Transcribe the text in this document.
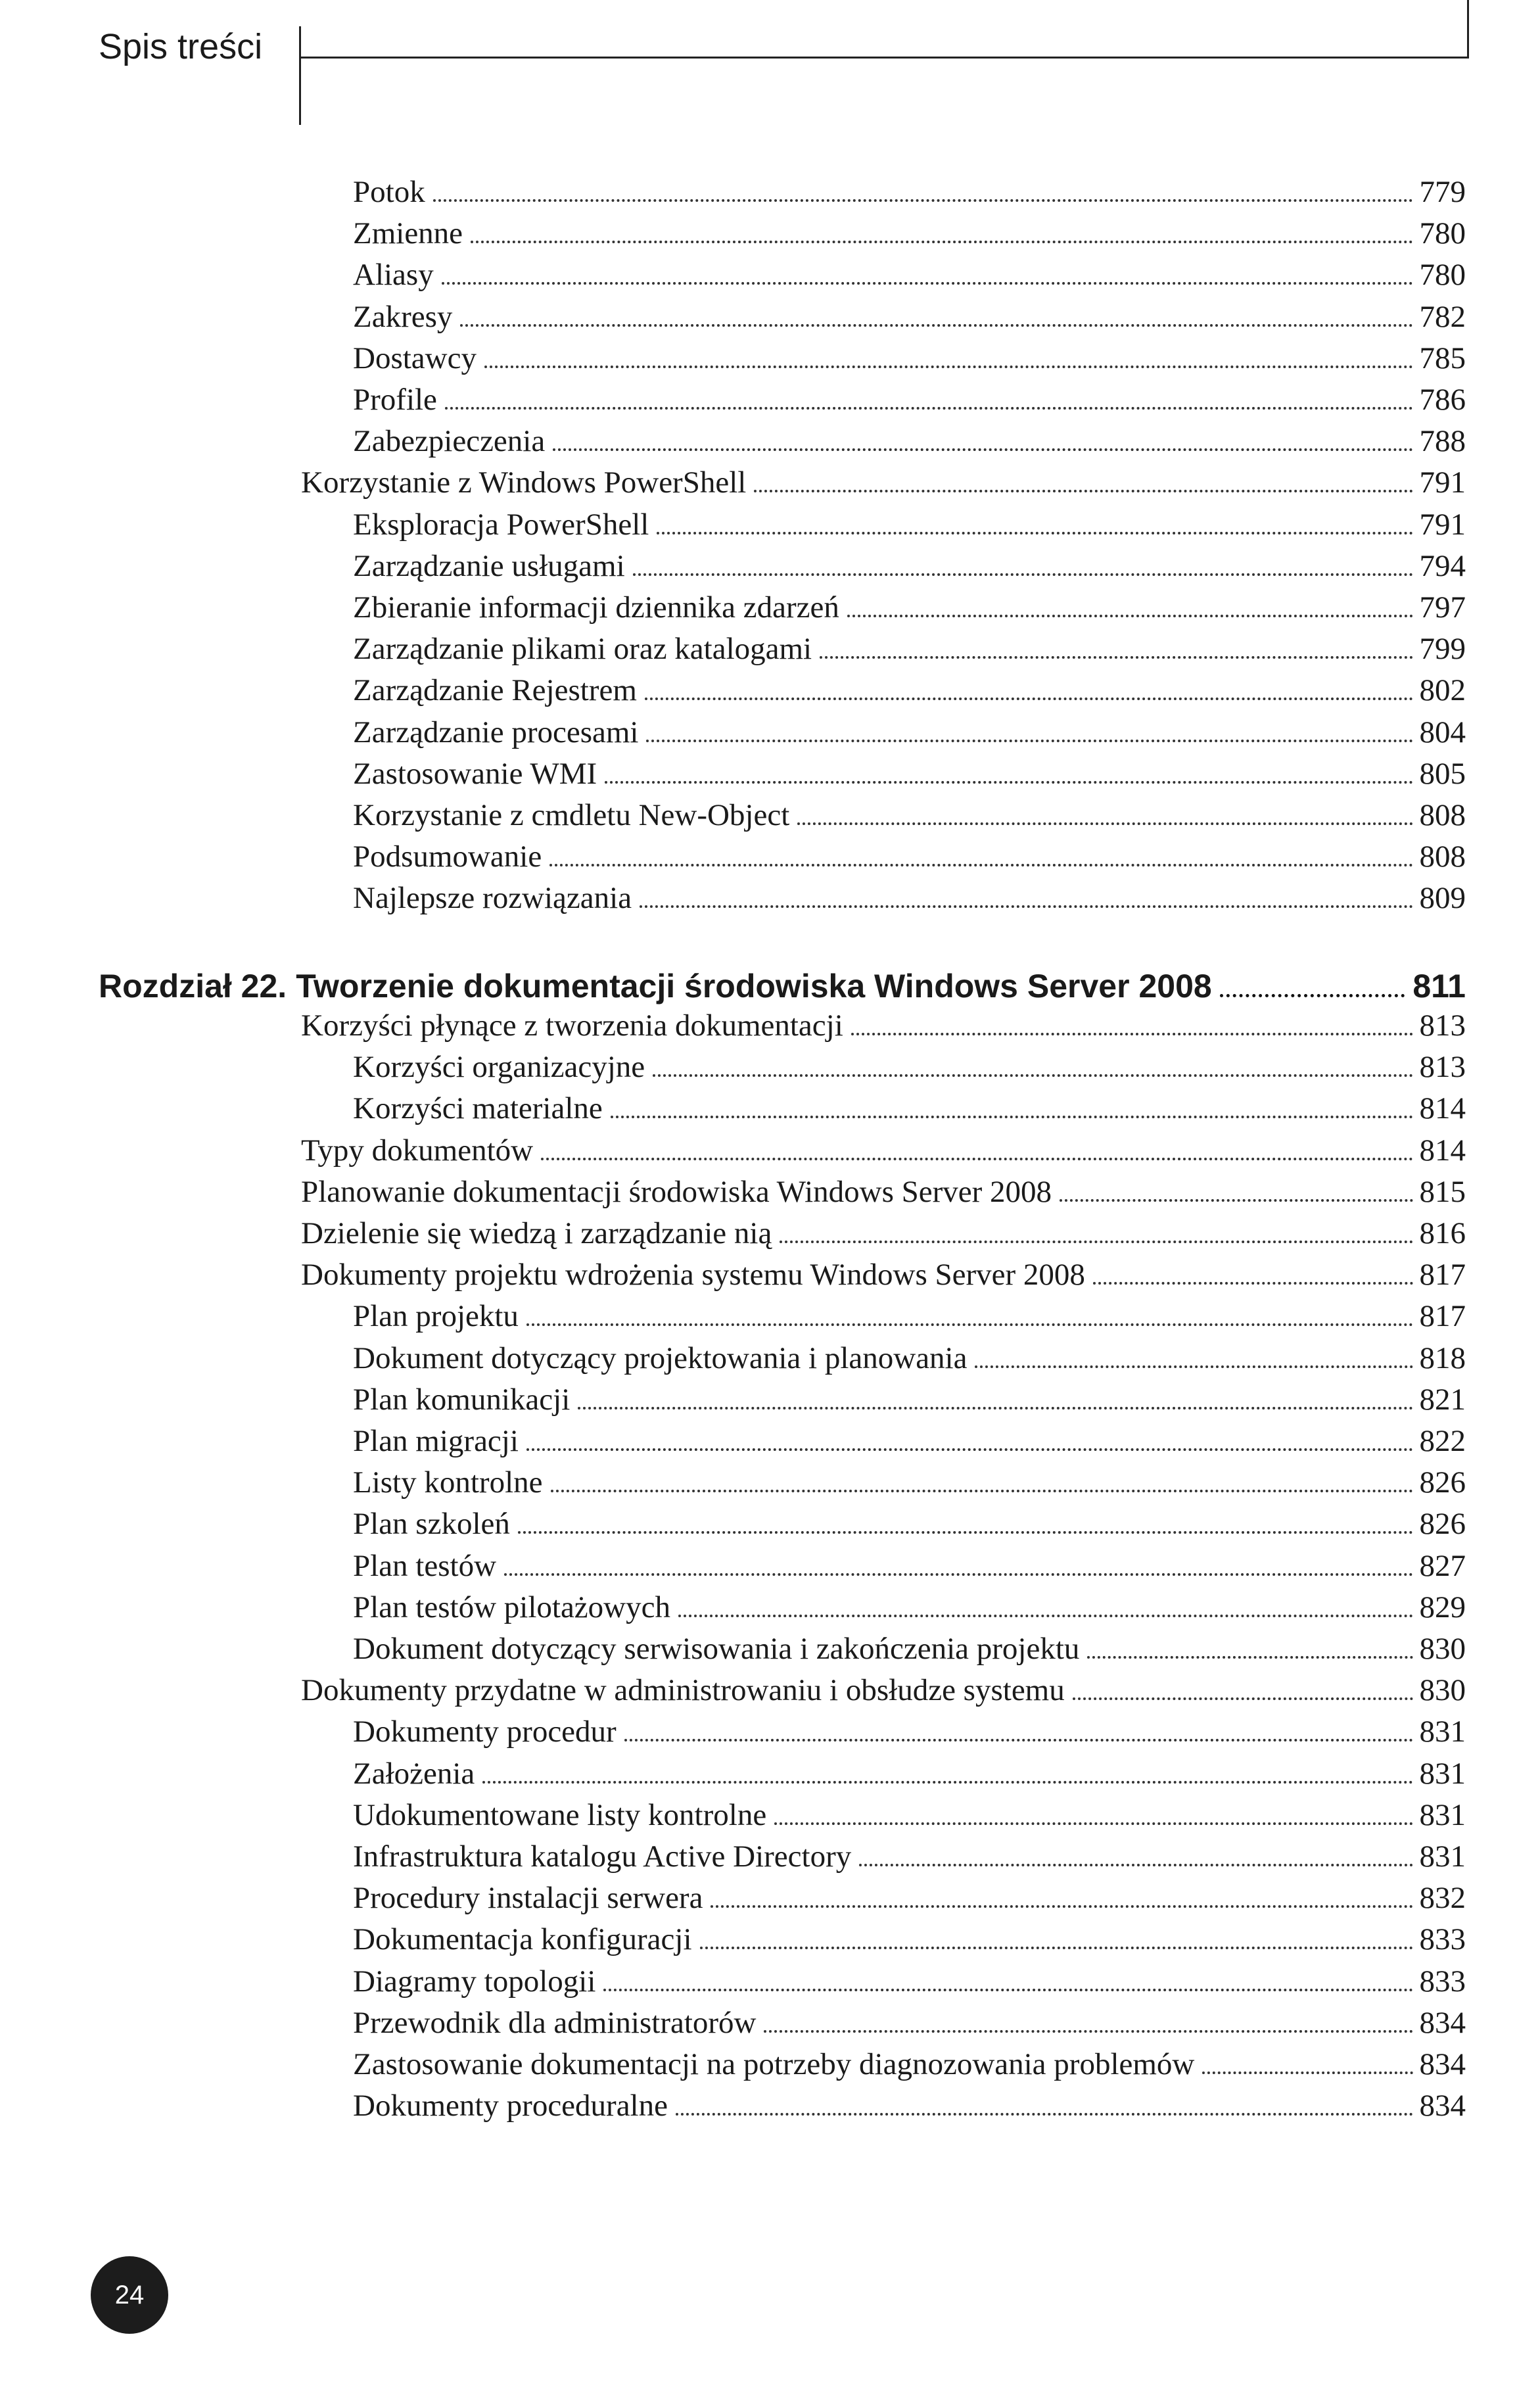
Spis treści
Potok	779
Zmienne	780
Aliasy	780
Zakresy	782
Dostawcy	785
Profile	786
Zabezpieczenia	788
Korzystanie z Windows PowerShell	791
Eksploracja PowerShell	791
Zarządzanie usługami	794
Zbieranie informacji dziennika zdarzeń	797
Zarządzanie plikami oraz katalogami	799
Zarządzanie Rejestrem	802
Zarządzanie procesami	804
Zastosowanie WMI	805
Korzystanie z cmdletu New-Object	808
Podsumowanie	808
Najlepsze rozwiązania	809
Rozdział 22. Tworzenie dokumentacji środowiska Windows Server 2008	811
Korzyści płynące z tworzenia dokumentacji	813
Korzyści organizacyjne	813
Korzyści materialne	814
Typy dokumentów	814
Planowanie dokumentacji środowiska Windows Server 2008	815
Dzielenie się wiedzą i zarządzanie nią	816
Dokumenty projektu wdrożenia systemu Windows Server 2008	817
Plan projektu	817
Dokument dotyczący projektowania i planowania	818
Plan komunikacji	821
Plan migracji	822
Listy kontrolne	826
Plan szkoleń	826
Plan testów	827
Plan testów pilotażowych	829
Dokument dotyczący serwisowania i zakończenia projektu	830
Dokumenty przydatne w administrowaniu i obsłudze systemu	830
Dokumenty procedur	831
Założenia	831
Udokumentowane listy kontrolne	831
Infrastruktura katalogu Active Directory	831
Procedury instalacji serwera	832
Dokumentacja konfiguracji	833
Diagramy topologii	833
Przewodnik dla administratorów	834
Zastosowanie dokumentacji na potrzeby diagnozowania problemów	834
Dokumenty proceduralne	834
24
